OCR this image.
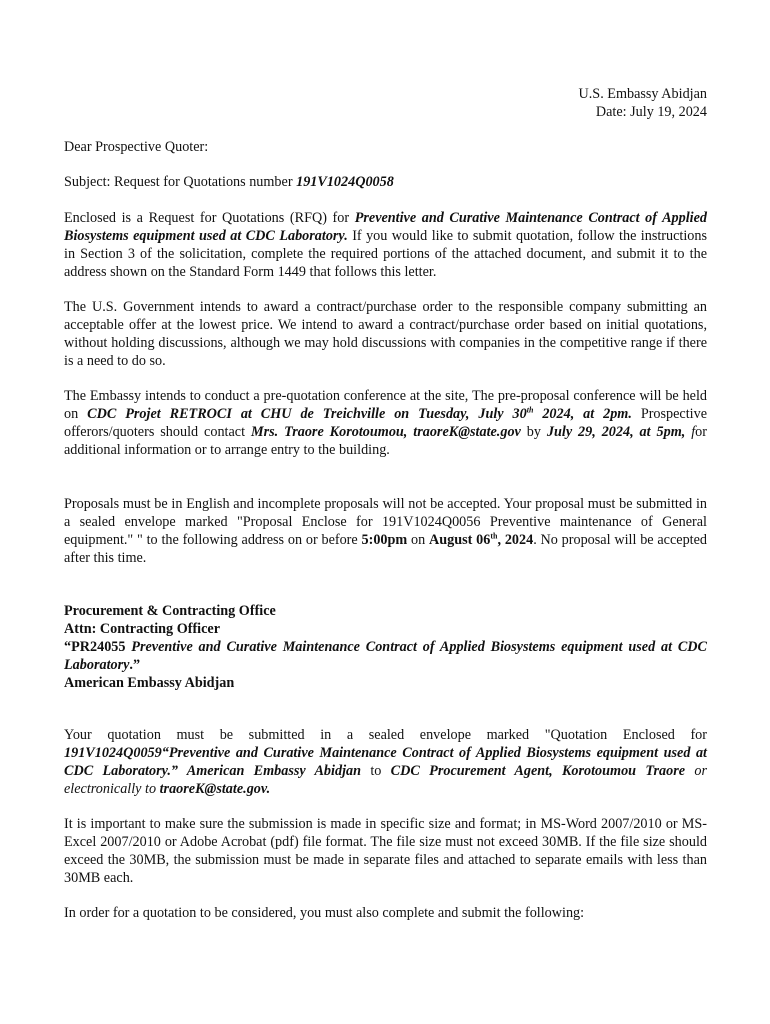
U.S. Embassy Abidjan
Date: July 19, 2024

Dear Prospective Quoter:

Subject: Request for Quotations number 191V1024Q0058

Enclosed is a Request for Quotations (RFQ) for Preventive and Curative Maintenance Contract of Applied Biosystems equipment used at CDC Laboratory. If you would like to submit quotation, follow the instructions in Section 3 of the solicitation, complete the required portions of the attached document, and submit it to the address shown on the Standard Form 1449 that follows this letter.

The U.S. Government intends to award a contract/purchase order to the responsible company submitting an acceptable offer at the lowest price. We intend to award a contract/purchase order based on initial quotations, without holding discussions, although we may hold discussions with companies in the competitive range if there is a need to do so.

The Embassy intends to conduct a pre-quotation conference at the site, The pre-proposal conference will be held on CDC Projet RETROCI at CHU de Treichville on Tuesday, July 30th 2024, at 2pm. Prospective offerors/quoters should contact Mrs. Traore Korotoumou, traoreK@state.gov by July 29, 2024, at 5pm, for additional information or to arrange entry to the building.

Proposals must be in English and incomplete proposals will not be accepted. Your proposal must be submitted in a sealed envelope marked "Proposal Enclose for 191V1024Q0056 Preventive maintenance of General equipment." " to the following address on or before 5:00pm on August 06th, 2024. No proposal will be accepted after this time.

Procurement & Contracting Office
Attn: Contracting Officer

“PR24055 Preventive and Curative Maintenance Contract of Applied Biosystems equipment used at CDC Laboratory.”

American Embassy Abidjan

Your quotation must be submitted in a sealed envelope marked "Quotation Enclosed for 191V1024Q0059“Preventive and Curative Maintenance Contract of Applied Biosystems equipment used at CDC Laboratory.” American Embassy Abidjan to CDC Procurement Agent, Korotoumou Traore or electronically to traoreK@state.gov.

It is important to make sure the submission is made in specific size and format; in MS-Word 2007/2010 or MS-Excel 2007/2010 or Adobe Acrobat (pdf) file format. The file size must not exceed 30MB. If the file size should exceed the 30MB, the submission must be made in separate files and attached to separate emails with less than 30MB each.

In order for a quotation to be considered, you must also complete and submit the following:
